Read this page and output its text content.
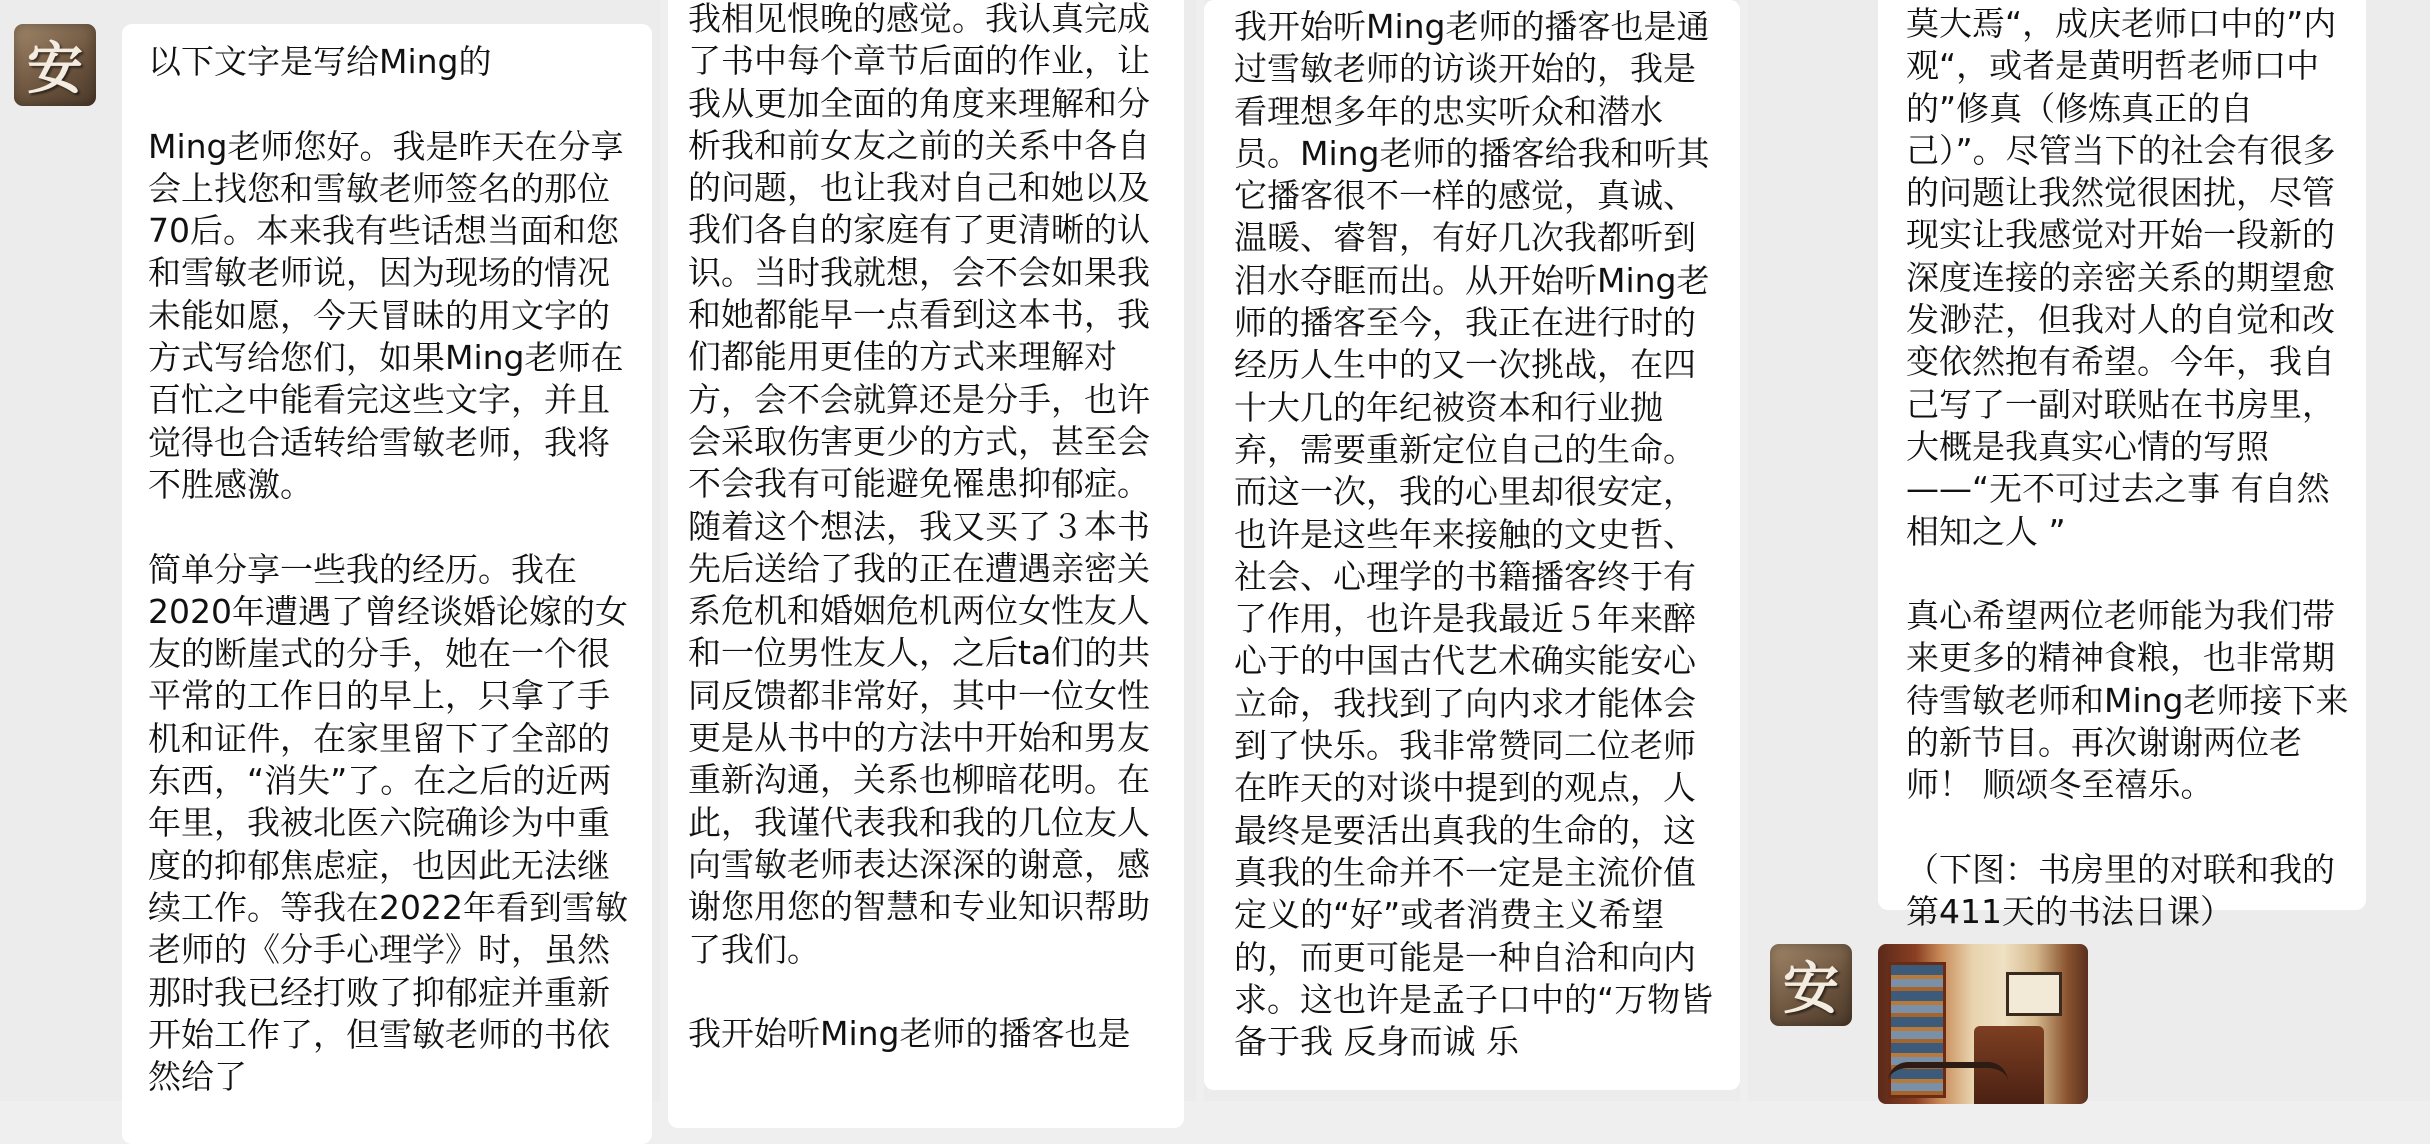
安 以下文字是写给Ming的

Ming老师您好。我是昨天在分享会上找您和雪敏老师签名的那位70后。本来我有些话想当面和您和雪敏老师说，因为现场的情况未能如愿，今天冒昧的用文字的方式写给您们，如果Ming老师在百忙之中能看完这些文字，并且觉得也合适转给雪敏老师，我将不胜感激。

简单分享一些我的经历。我在2020年遭遇了曾经谈婚论嫁的女友的断崖式的分手，她在一个很平常的工作日的早上，只拿了手机和证件，在家里留下了全部的东西，“消失”了。在之后的近两年里，我被北医六院确诊为中重度的抑郁焦虑症，也因此无法继续工作。等我在2022年看到雪敏老师的《分手心理学》时，虽然那时我已经打败了抑郁症并重新开始工作了，但雪敏老师的书依然给了

我相见恨晚的感觉。我认真完成了书中每个章节后面的作业，让我从更加全面的角度来理解和分析我和前女友之前的关系中各自的问题，也让我对自己和她以及我们各自的家庭有了更清晰的认识。当时我就想，会不会如果我和她都能早一点看到这本书，我们都能用更佳的方式来理解对方，会不会就算还是分手，也许会采取伤害更少的方式，甚至会不会我有可能避免罹患抑郁症。随着这个想法，我又买了３本书先后送给了我的正在遭遇亲密关系危机和婚姻危机两位女性友人和一位男性友人，之后ta们的共同反馈都非常好，其中一位女性更是从书中的方法中开始和男友重新沟通，关系也柳暗花明。在此，我谨代表我和我的几位友人向雪敏老师表达深深的谢意，感谢您用您的智慧和专业知识帮助了我们。

我开始听Ming老师的播客也是

我开始听Ming老师的播客也是通过雪敏老师的访谈开始的，我是看理想多年的忠实听众和潜水员。Ming老师的播客给我和听其它播客很不一样的感觉，真诚、温暖、睿智，有好几次我都听到泪水夺眶而出。从开始听Ming老师的播客至今，我正在进行时的经历人生中的又一次挑战，在四十大几的年纪被资本和行业抛弃，需要重新定位自己的生命。而这一次，我的心里却很安定，也许是这些年来接触的文史哲、社会、心理学的书籍播客终于有了作用，也许是我最近５年来醉心于的中国古代艺术确实能安心立命，我找到了向内求才能体会到了快乐。我非常赞同二位老师在昨天的对谈中提到的观点，人最终是要活出真我的生命的，这真我的生命并不一定是主流价值定义的“好”或者消费主义希望的，而更可能是一种自洽和向内求。这也许是孟子口中的“万物皆备于我 反身而诚 乐

莫大焉“，成庆老师口中的”内观“，或者是黄明哲老师口中的”修真（修炼真正的自己）”。尽管当下的社会有很多的问题让我然觉很困扰，尽管现实让我感觉对开始一段新的深度连接的亲密关系的期望愈发渺茫，但我对人的自觉和改变依然抱有希望。今年，我自己写了一副对联贴在书房里，大概是我真实心情的写照——“无不可过去之事 有自然相知之人 ”

真心希望两位老师能为我们带来更多的精神食粮，也非常期待雪敏老师和Ming老师接下来的新节目。再次谢谢两位老师！ 顺颂冬至禧乐。

（下图：书房里的对联和我的第411天的书法日课）

安
